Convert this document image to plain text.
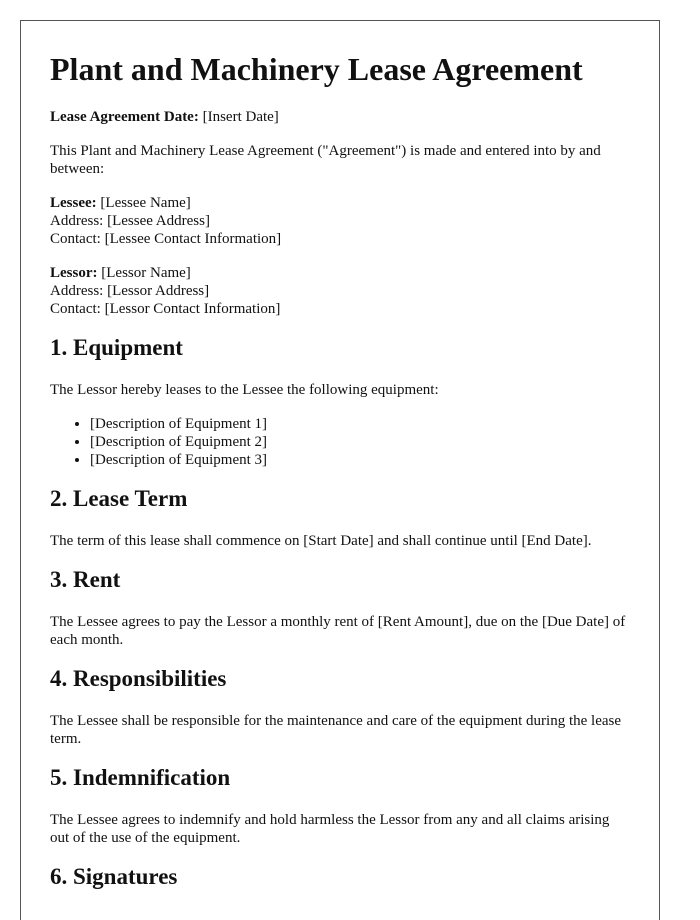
Plant and Machinery Lease Agreement

Lease Agreement Date: [Insert Date]

This Plant and Machinery Lease Agreement ("Agreement") is made and entered into by and between:

Lessee: [Lessee Name]

Address: [Lessee Address]

Contact: [Lessee Contact Information]

Lessor: [Lessor Name]

Address: [Lessor Address]

Contact: [Lessor Contact Information]

1. Equipment

The Lessor hereby leases to the Lessee the following equipment:

• [Description of Equipment 1]
• [Description of Equipment 2]
• [Description of Equipment 3]
2. Lease Term

The term of this lease shall commence on [Start Date] and shall continue until [End Date].

3. Rent

The Lessee agrees to pay the Lessor a monthly rent of [Rent Amount], due on the [Due Date] of each month.

4. Responsibilities

The Lessee shall be responsible for the maintenance and care of the equipment during the lease term.

5. Indemnification

The Lessee agrees to indemnify and hold harmless the Lessor from any and all claims arising out of the use of the equipment.

6. Signatures
